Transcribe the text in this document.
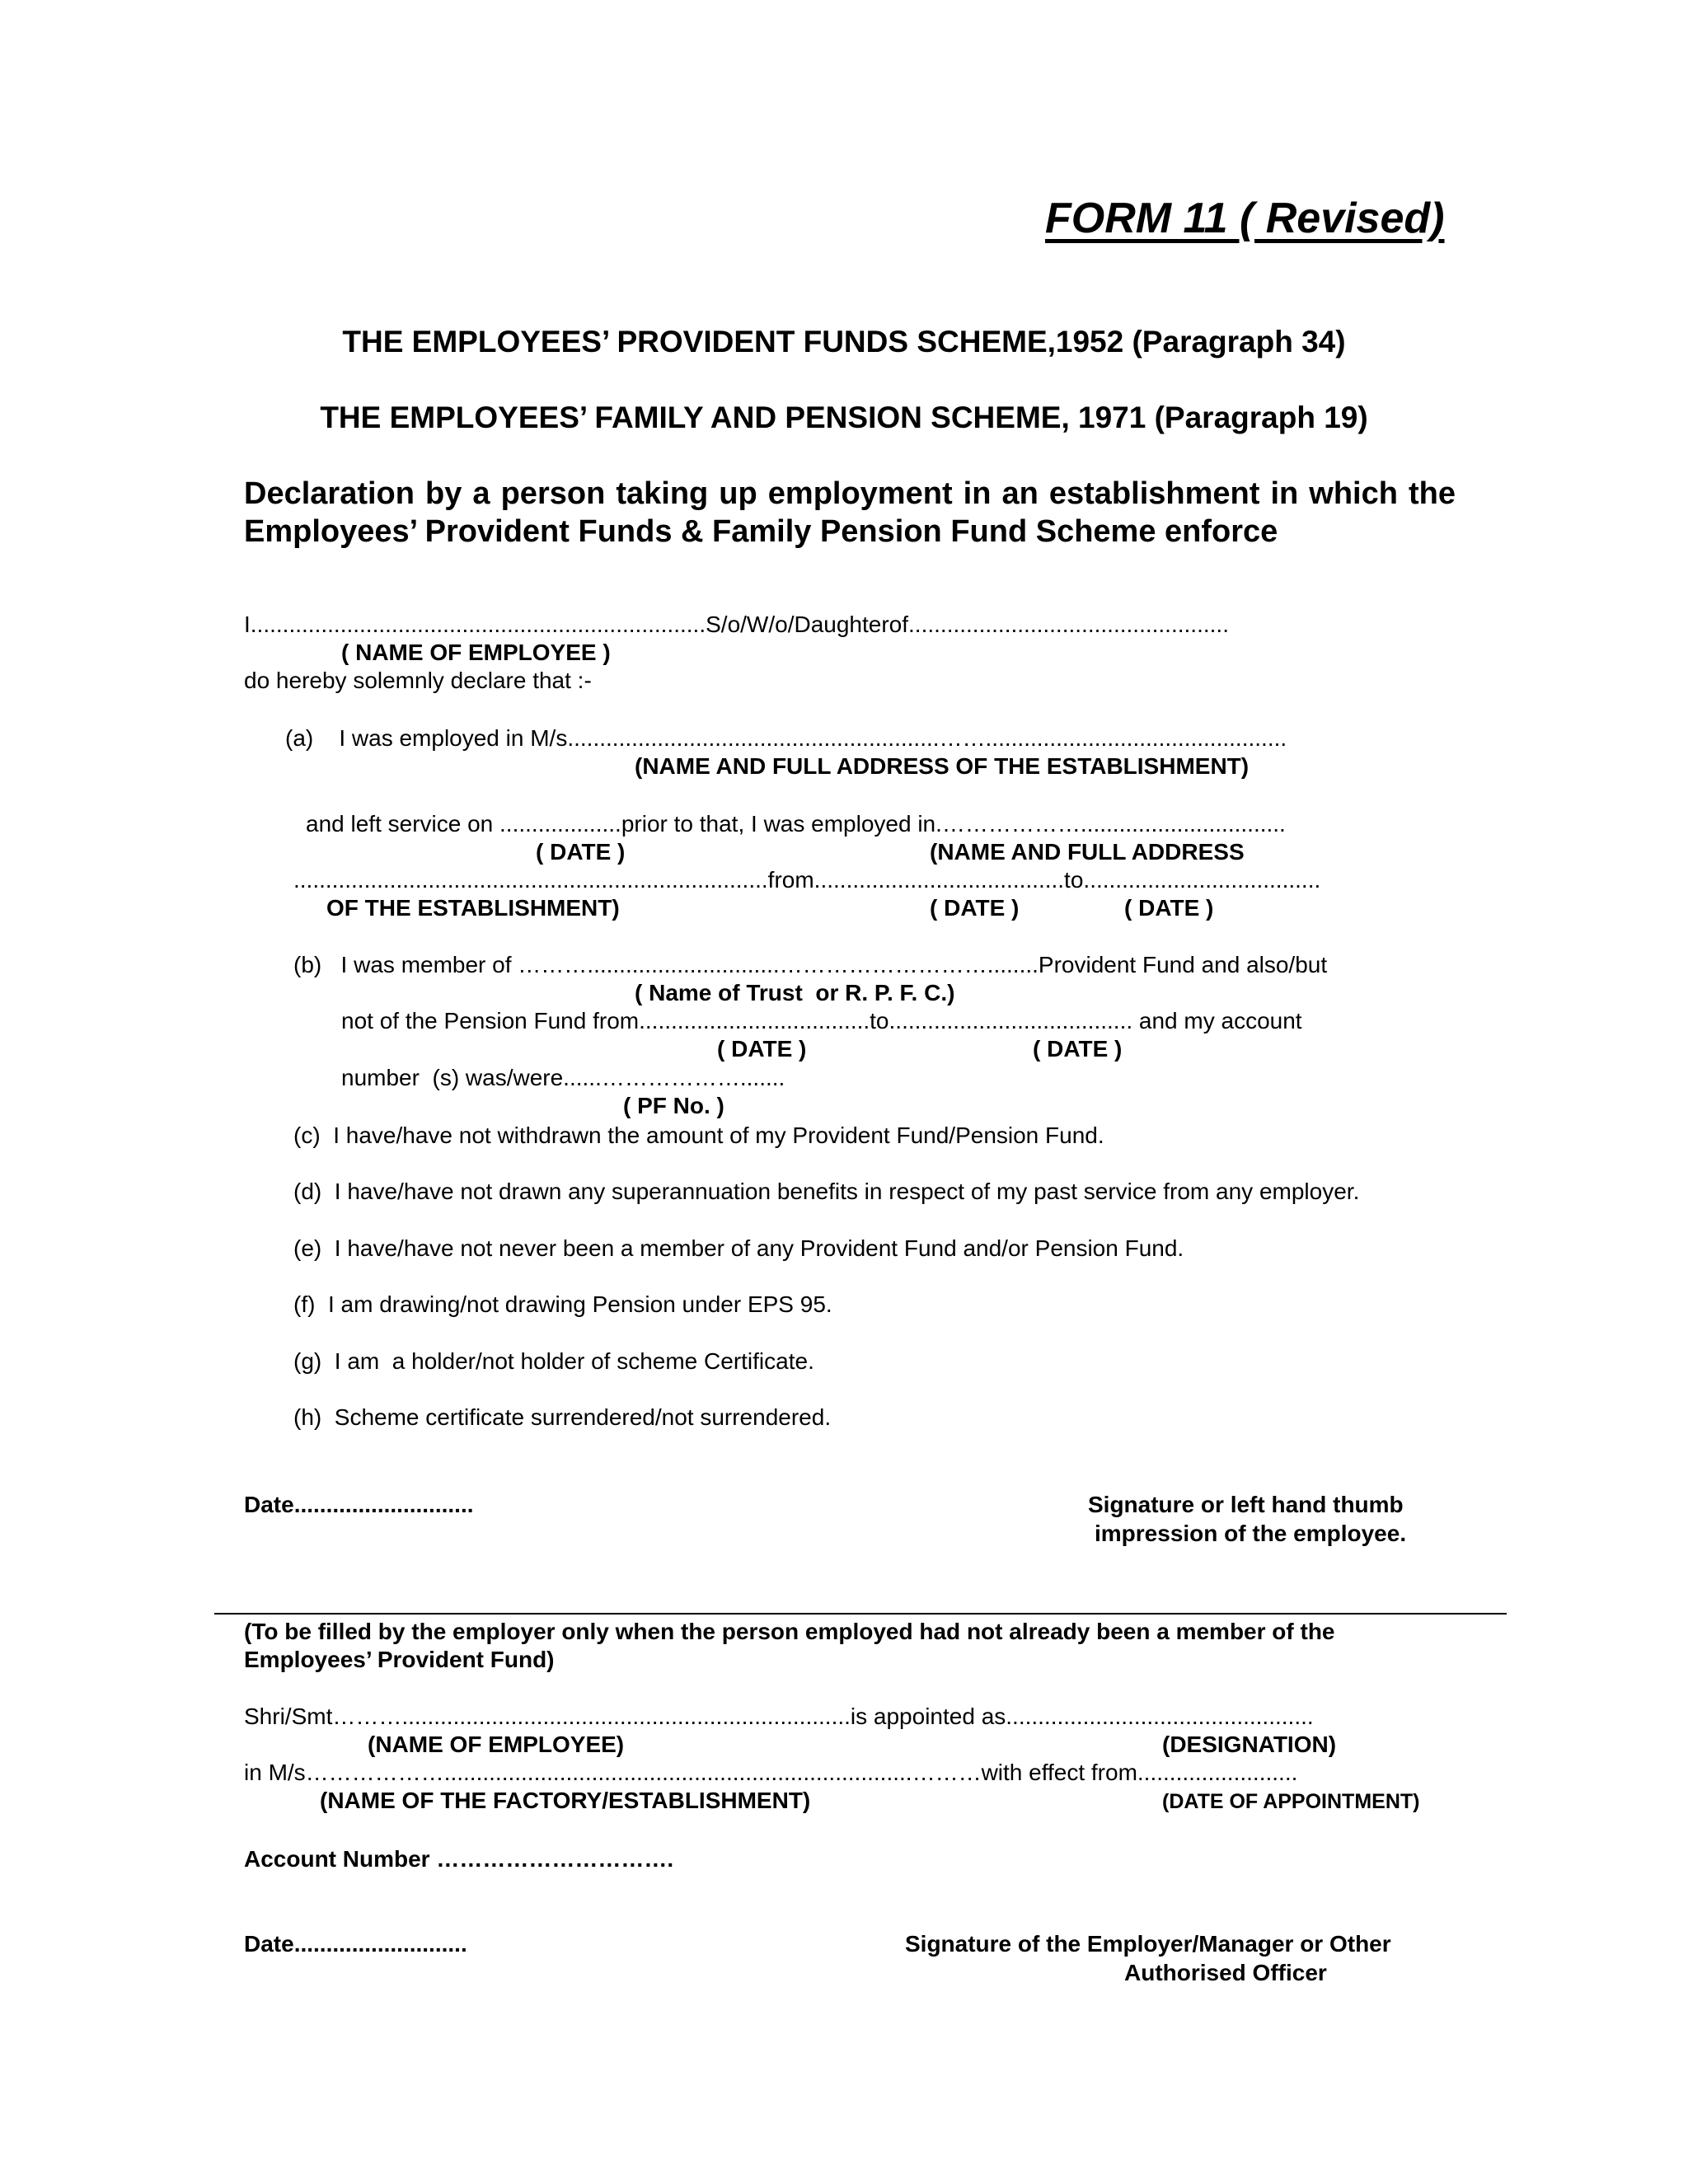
FORM 11 ( Revised)
THE EMPLOYEES’ PROVIDENT FUNDS SCHEME,1952 (Paragraph 34)
THE EMPLOYEES’ FAMILY AND PENSION SCHEME, 1971 (Paragraph 19)
Declaration by a person taking up employment in an establishment in which the Employees’ Provident Funds & Family Pension Fund Scheme enforce
I.......................................................................S/o/W/o/Daughterof..................................................
( NAME OF EMPLOYEE )
do hereby solemnly declare that :-
(a)    I was employed in M/s..........................................................……...............................................
(NAME AND FULL ADDRESS OF THE ESTABLISHMENT)
and left service on ...................prior to that, I was employed in.………………................................
( DATE )	(NAME AND FULL ADDRESS
..........................................................................from.......................................to.....................................
OF THE ESTABLISHMENT)	( DATE )	( DATE )
(b)   I was member of ………..............................………………………........Provident Fund and also/but
( Name of Trust  or R. P. F. C.)
not of the Pension Fund from....................................to...................................... and my account
( DATE )	( DATE )
number  (s) was/were......……………….......
( PF No. )
(c)  I have/have not withdrawn the amount of my Provident Fund/Pension Fund.
(d)  I have/have not drawn any superannuation benefits in respect of my past service from any employer.
(e)  I have/have not never been a member of any Provident Fund and/or Pension Fund.
(f)  I am drawing/not drawing Pension under EPS 95.
(g)  I am  a holder/not holder of scheme Certificate.
(h)  Scheme certificate surrendered/not surrendered.
Date............................	Signature or left hand thumb
impression of the employee.
(To be filled by the employer only when the person employed had not already been a member of the
Employees’ Provident Fund)
Shri/Smt………......................................................................is appointed as................................................
(NAME OF EMPLOYEE)	(DESIGNATION)
in M/s……………….........................................................................………with effect from.........................
(NAME OF THE FACTORY/ESTABLISHMENT)	(DATE OF APPOINTMENT)
Account Number ………………………….
Date...........................	Signature of the Employer/Manager or Other
Authorised Officer
